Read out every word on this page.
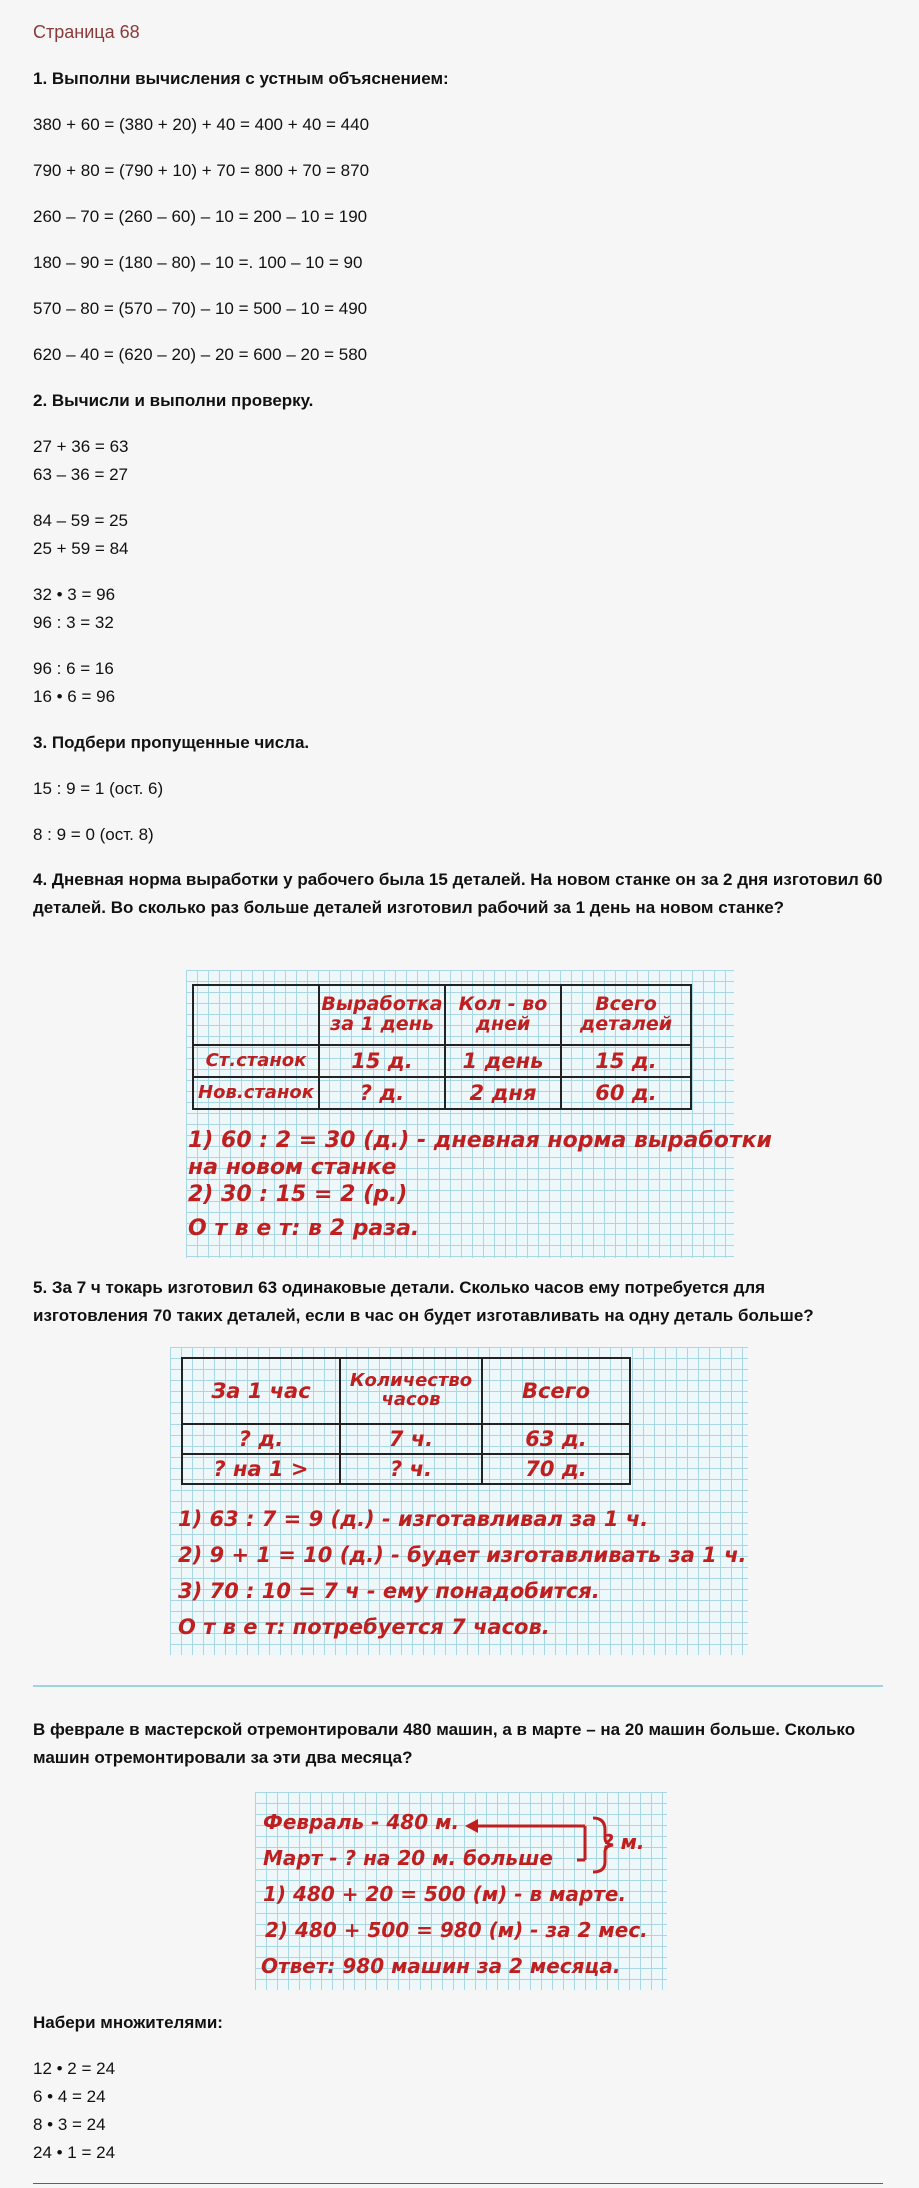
Страница 68
1. Выполни вычисления с устным объяснением:
380 + 60 = (380 + 20) + 40 = 400 + 40 = 440
790 + 80 = (790 + 10) + 70 = 800 + 70 = 870
260 – 70 = (260 – 60) – 10 = 200 – 10 = 190
180 – 90 = (180 – 80) – 10 =. 100 – 10 = 90
570 – 80 = (570 – 70) – 10 = 500 – 10 = 490
620 – 40 = (620 – 20) – 20 = 600 – 20 = 580
2. Вычисли и выполни проверку.
27 + 36 = 63
63 – 36 = 27
84 – 59 = 25
25 + 59 = 84
32 • 3 = 96
96 : 3 = 32
96 : 6 = 16
16 • 6 = 96
3. Подбери пропущенные числа.
15 : 9 = 1 (ост. 6)
8 : 9 = 0 (ост. 8)
4. Дневная норма выработки у рабочего была 15 деталей. На новом станке он за 2 дня изготовил 60 деталей. Во сколько раз больше деталей изготовил рабочий за 1 день на новом станке?
	Выработка за 1 день	Кол - во дней	Всего деталей
Ст.станок	15 д.	1 день	15 д.
Нов.станок	? д.	2 дня	60 д.
1) 60 : 2 = 30 (д.) - дневная норма выработки
на новом станке
2) 30 : 15 = 2 (р.)
О т в е т: в 2 раза.
5. За 7 ч токарь изготовил 63 одинаковые детали. Сколько часов ему потребуется для изготовления 70 таких деталей, если в час он будет изготавливать на одну деталь больше?
За 1 час	Количество часов	Всего
? д.	7 ч.	63 д.
? на 1 >	? ч.	70 д.
1) 63 : 7 = 9 (д.) - изготавливал за 1 ч.
2) 9 + 1 = 10 (д.) - будет изготавливать за 1 ч.
3) 70 : 10 = 7 ч - ему понадобится.
О т в е т: потребуется 7 часов.
В феврале в мастерской отремонтировали 480 машин, а в марте – на 20 машин больше. Сколько машин отремонтировали за эти два месяца?
Февраль - 480 м.
Март - ? на 20 м. больше
? м.
1) 480 + 20 = 500 (м) - в марте.
2) 480 + 500 = 980 (м) - за 2 мес.
Ответ: 980 машин за 2 месяца.
Набери множителями:
12 • 2 = 24
6 • 4 = 24
8 • 3 = 24
24 • 1 = 24
